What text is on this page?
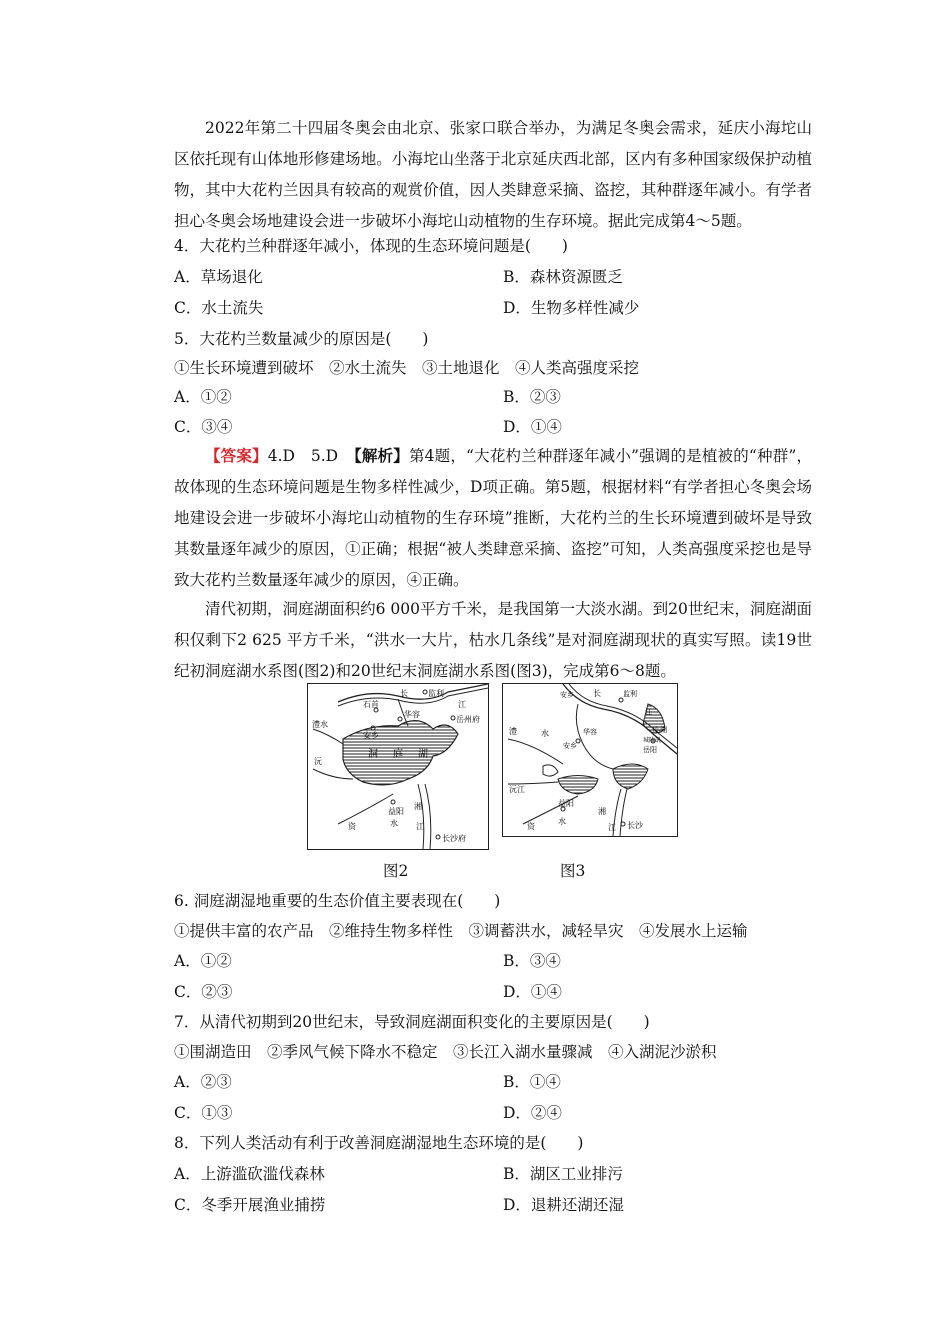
2022年第二十四届冬奥会由北京、张家口联合举办，为满足冬奥会需求，延庆小海坨山区依托现有山体地形修建场地。小海坨山坐落于北京延庆西北部，区内有多种国家级保护动植物，其中大花杓兰因具有较高的观赏价值，因人类肆意采摘、盗挖，其种群逐年减小。有学者担心冬奥会场地建设会进一步破坏小海坨山动植物的生存环境。据此完成第4～5题。

4．大花杓兰种群逐年减小，体现的生态环境问题是(　　)
A．草场退化	B．森林资源匮乏
C．水土流失	D．生物多样性减少
5．大花杓兰数量减少的原因是(　　)
①生长环境遭到破坏　②水土流失　③土地退化　④人类高强度采挖
A．①②	B．②③
C．③④	D．①④

【答案】4.D　5.D　【解析】第4题，“大花杓兰种群逐年减小”强调的是植被的“种群”，故体现的生态环境问题是生物多样性减少，D项正确。第5题，根据材料“有学者担心冬奥会场地建设会进一步破坏小海坨山动植物的生存环境”推断，大花杓兰的生长环境遭到破坏是导致其数量逐年减少的原因，①正确；根据“被人类肆意采摘、盗挖”可知，人类高强度采挖也是导致大花杓兰数量逐年减少的原因，④正确。

清代初期，洞庭湖面积约6 000平方千米，是我国第一大淡水湖。到20世纪末，洞庭湖面积仅剩下2 625 平方千米，“洪水一大片，枯水几条线”是对洞庭湖现状的真实写照。读19世纪初洞庭湖水系图(图2)和20世纪末洞庭湖水系图(图3)，完成第6～8题。

石首
长	监利
江
澧水
华容
安乡
岳州府
洞 庭 湖
沅
益阳
资	水
湘
江
长沙府
图2
安乡 长	监利
江
澧	水	华容
安乡	岳阳
临湘
城陵矶
沅江
益阳
资
水
湘
江 长沙
图3
6. 洞庭湖湿地重要的生态价值主要表现在(　　)
①提供丰富的农产品　②维持生物多样性　③调蓄洪水，减轻旱灾　④发展水上运输
A．①②	B．③④
C．②③	D．①④
7．从清代初期到20世纪末，导致洞庭湖面积变化的主要原因是(　　)
①围湖造田　②季风气候下降水不稳定　③长江入湖水量骤减　④入湖泥沙淤积
A．②③	B．①④
C．①③	D．②④
8．下列人类活动有利于改善洞庭湖湿地生态环境的是(　　)
A．上游滥砍滥伐森林	B．湖区工业排污
C．冬季开展渔业捕捞	D．退耕还湖还湿
